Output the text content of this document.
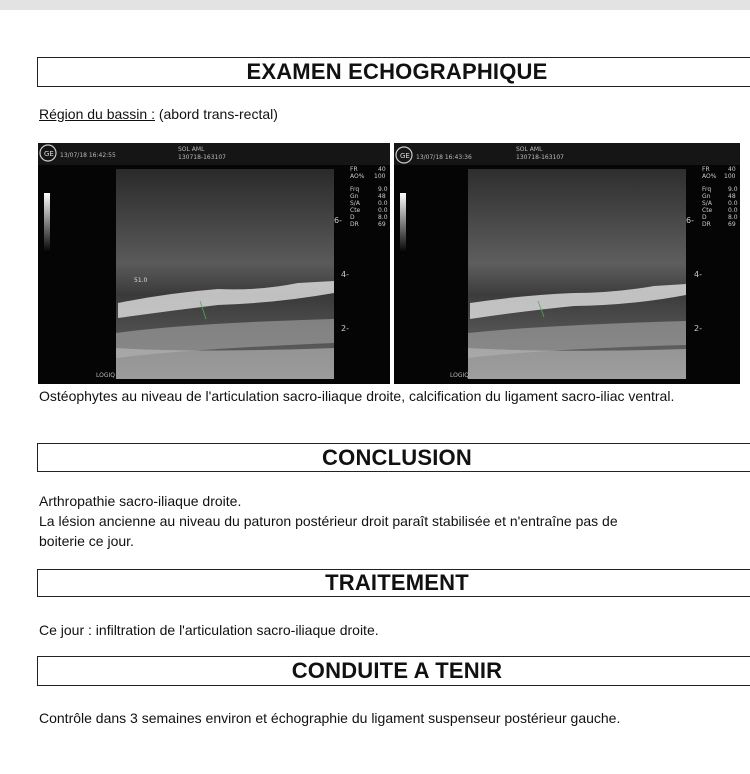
EXAMEN ECHOGRAPHIQUE
Région du bassin : (abord trans-rectal)
GE 13/07/18 16:42:55
SOL AML
130718-163107
51.0
6-
4-
2-
FR	40
AO% 100
Frq	9.0
Gn	48
S/A	0.0
Cte	0.0
D	8.0
DR	69
LOGIQ
GE 13/07/18 16:43:36
SOL AML
130718-163107
6-
4-
2-
FR	40
AO% 100
Frq	9.0
Gn	48
S/A	0.0
Cte	0.0
D	8.0
DR	69
LOGIQ
Ostéophytes au niveau de l'articulation sacro-iliaque droite, calcification du ligament sacro-iliac ventral.
CONCLUSION
Arthropathie sacro-iliaque droite.
La lésion ancienne au niveau du paturon postérieur droit paraît stabilisée et n'entraîne pas de
boiterie ce jour.
TRAITEMENT
Ce jour : infiltration de l'articulation sacro-iliaque droite.
CONDUITE A TENIR
Contrôle dans 3 semaines environ et échographie du ligament suspenseur postérieur gauche.
